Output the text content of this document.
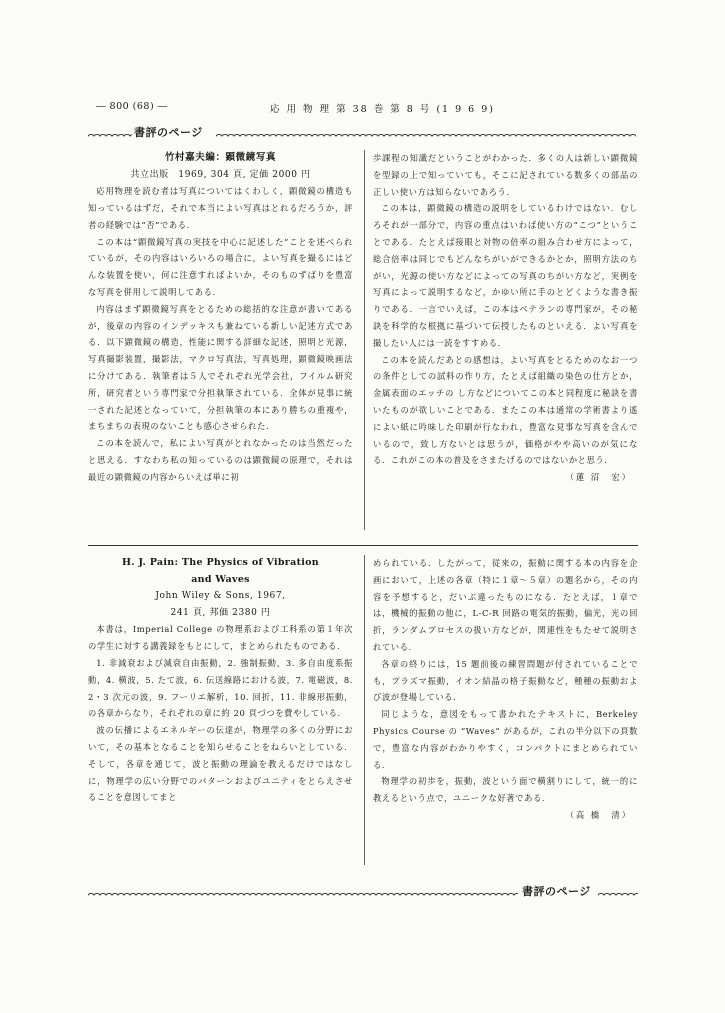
― 800 (68) ―	応 用 物 理 第 38 巻 第 8 号 (1 9 6 9)
書評のページ
竹村嘉夫編：顕微鏡写真
共立出版　1969, 304 頁, 定価 2000 円

応用物理を読む者は写真についてはくわしく，顕微鏡の構造も知っているはずだ，それで本当によい写真はとれるだろうか，評者の経験では“否”である．

この本は“顕微鏡写真の実技を中心に記述した”ことを述べられているが，その内容はいろいろの場合に，よい写真を撮るにはどんな装置を使い，何に注意すればよいか，そのものずばりを豊富な写真を併用して説明してある．

内容はまず顕微鏡写真をとるための総括的な注意が書いてあるが，後章の内容のインデッキスも兼ねている新しい記述方式である．以下顕微鏡の構造，性能に関する詳細な記述，照明と光源，写真撮影装置，撮影法，マクロ写真法，写真処理，顕微鏡映画法に分けてある．執筆者は５人でそれぞれ光学会社，フイルム研究所，研究者という専門家で分担執筆されている．全体が見事に統一された記述となっていて，分担執筆の本にあり勝ちの重複や，まちまちの表現のないことも感心させられた．

この本を読んで，私によい写真がとれなかったのは当然だったと思える．すなわち私の知っているのは顕微鏡の原理で，それは最近の顕微鏡の内容からいえば単に初

歩課程の知識だということがわかった．多くの人は新しい顕微鏡を型録の上で知っていても，そこに記されている数多くの部品の正しい使い方は知らないであろう．

この本は，顕微鏡の構造の説明をしているわけではない．むしろそれが一部分で，内容の重点はいわば使い方の“こつ”ということである．たとえば接眼と対物の倍率の組み合わせ方によって，総合倍率は同じでもどんなちがいができるかとか，照明方法のちがい，光源の使い方などによっての写真のちがい方など，実例を写真によって説明するなど，かゆい所に手のとどくような書き振りである．一言でいえば，この本はベテランの専門家が，その秘訣を科学的な根拠に基づいて伝授したものといえる．よい写真を撮したい人には一読をすすめる．

この本を読んだあとの感想は，よい写真をとるためのなお一つの条件としての試料の作り方，たとえば組織の染色の仕方とか，金属表面のエッチの し方などについてこの本と同程度に秘訣を書いたものが欲しいことである．またこの本は通常の学術書より遙によい紙に吟味した印刷が行なわれ，豊富な見事な写真を含んでいるので，致し方ないとは思うが，価格がやや高いのが気になる．これがこの本の普及をさまたげるのではないかと思う．

（蓮 沼　宏）
H. J. Pain: The Physics of Vibration
and Waves
John Wiley & Sons, 1967,
241 頁, 邦価 2380 円

本書は，Imperial College の物理系および工科系の第１年次の学生に対する講義録をもとにして，まとめられたものである．

1. 非減衰および減衰自由振動，2. 強制振動，3. 多自由度系振動，4. 横波，5. たて波，6. 伝送線路における波，7. 電磁波，8. 2・3 次元の波，9. フーリエ解析，10. 回折，11. 非線形振動，の各章からなり，それぞれの章に約 20 頁づつを費やしている．

波の伝播によるエネルギーの伝達が，物理学の多くの分野において，その基本となることを知らせることをねらいとしている．そして，各章を通じて，波と振動の理論を教えるだけではなしに，物理学の広い分野でのパターンおよびユニティをとらえさせることを意図してまと

められている．したがって，従来の，振動に関する本の内容を企画において，上述の各章（特に１章～５章）の題名から，その内容を予想すると，だいぶ違ったものになる．たとえば，１章では，機械的振動の他に，L-C-R 回路の電気的振動，偏光，光の回折，ランダムプロセスの扱い方などが，関連性をもたせて説明されている．

各章の終りには，15 題前後の練習問題が付されていることでも，プラズマ振動，イオン結晶の格子振動など，種種の振動および波が登場している．

同じような，意図をもって書かれたテキストに，Berkeley Physics Course の “Waves” があるが，これの半分以下の頁数で，豊富な内容がわかりやすく，コンパクトにまとめられている．

物理学の初歩を，振動，波という面で横割りにして，統一的に教えるという点で，ユニークな好著である．

（高 橋　清）
書評のページ
